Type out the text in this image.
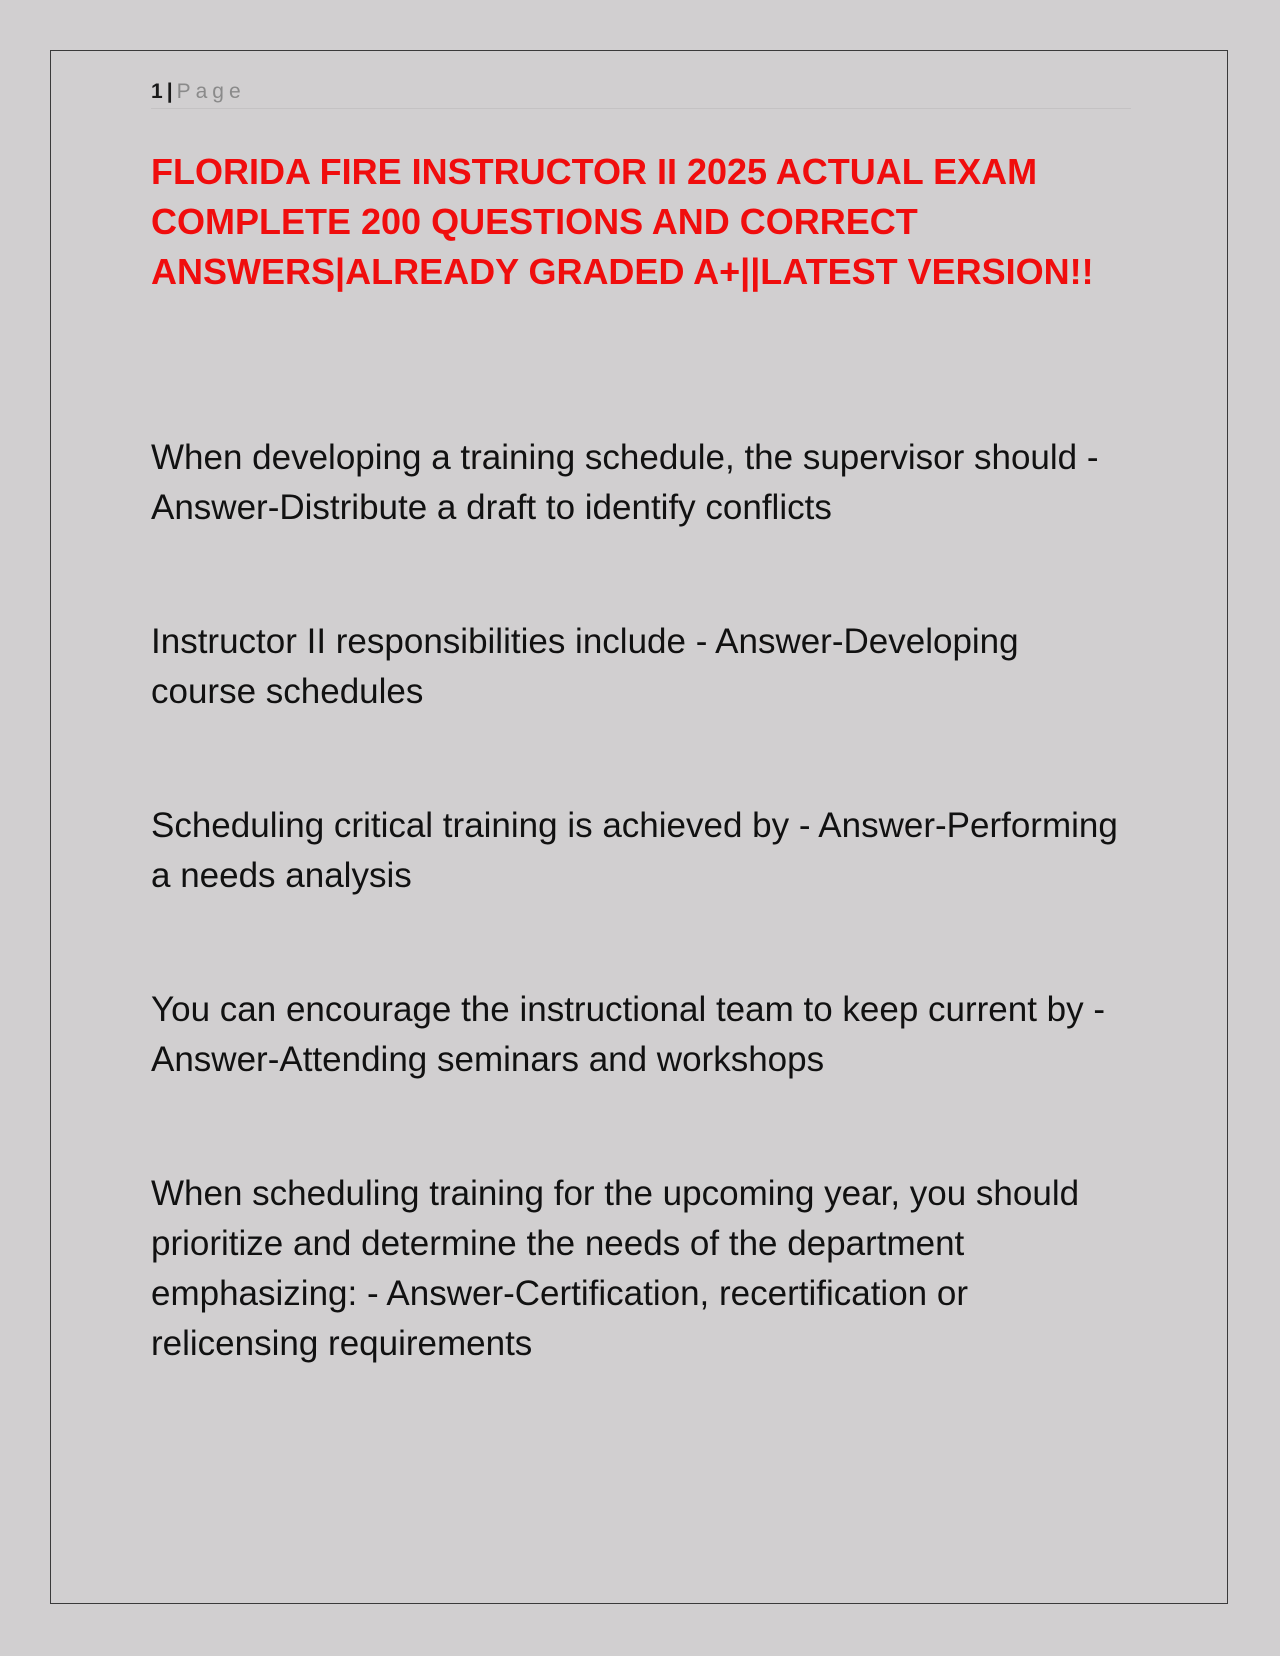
1 | Page
FLORIDA FIRE INSTRUCTOR II 2025 ACTUAL EXAM COMPLETE 200 QUESTIONS AND CORRECT ANSWERS|ALREADY GRADED A+||LATEST VERSION!!

When developing a training schedule, the supervisor should - Answer-Distribute a draft to identify conflicts

Instructor II responsibilities include - Answer-Developing course schedules

Scheduling critical training is achieved by - Answer-Performing a needs analysis

You can encourage the instructional team to keep current by - Answer-Attending seminars and workshops

When scheduling training for the upcoming year, you should prioritize and determine the needs of the department emphasizing: - Answer-Certification, recertification or relicensing requirements
